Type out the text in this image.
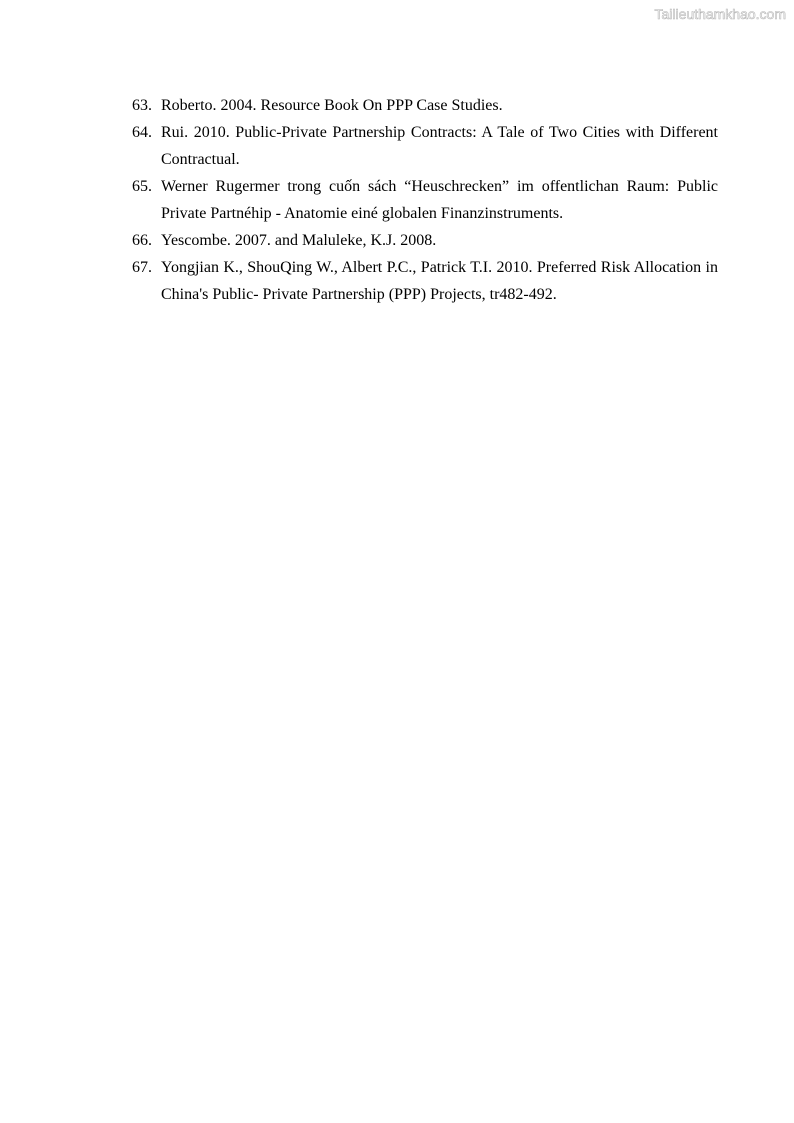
Tailieuthamkhao.com
63. Roberto. 2004. Resource Book On PPP Case Studies.
64. Rui. 2010. Public-Private Partnership Contracts: A Tale of Two Cities with Different Contractual.
65. Werner Rugermer trong cuốn sách “Heuschrecken” im offentlichan Raum: Public Private Partnéhip - Anatomie einé globalen Finanzinstruments.
66. Yescombe. 2007. and Maluleke, K.J. 2008.
67. Yongjian K., ShouQing W., Albert P.C., Patrick T.I. 2010. Preferred Risk Allocation in China's Public- Private Partnership (PPP) Projects, tr482-492.
